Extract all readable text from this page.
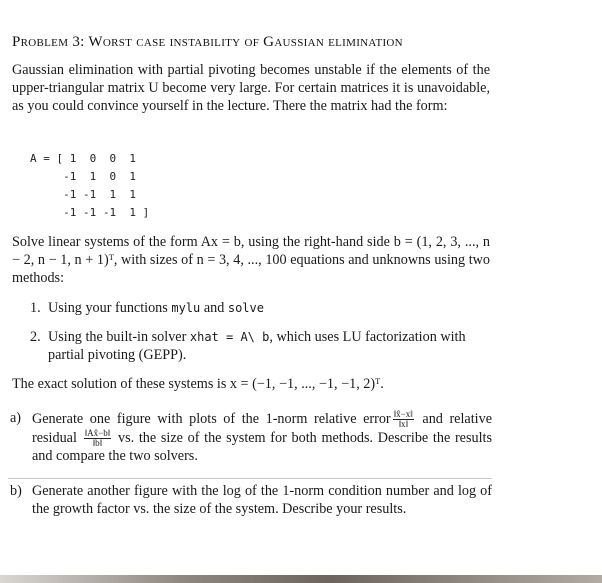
Problem 3: Worst case instability of Gaussian elimination

Gaussian elimination with partial pivoting becomes unstable if the elements of the upper-triangular matrix U become very large. For certain matrices it is unavoidable, as you could convince yourself in the lecture. There the matrix had the form:

A = [ 1  0  0  1
-1  1  0  1
-1 -1  1  1
-1 -1 -1  1 ]

Solve linear systems of the form Ax = b, using the right-hand side b = (1, 2, 3, ..., n − 2, n − 1, n + 1)ᵀ, with sizes of n = 3, 4, ..., 100 equations and unknowns using two methods:

1. Using your functions mylu and solve
2. Using the built-in solver xhat = A\ b, which uses LU factorization with partial pivoting (GEPP).
The exact solution of these systems is x = (−1, −1, ..., −1, −1, 2)ᵀ.
a) Generate one figure with plots of the 1-norm relative error $\frac{‖x̂-x‖}{‖x‖}$ and relative residual $\frac{‖Ax̂-b‖}{‖b‖}$ vs. the size of the system for both methods. Describe the results and compare the two solvers.
b) Generate another figure with the log of the 1-norm condition number and log of the growth factor vs. the size of the system. Describe your results.
